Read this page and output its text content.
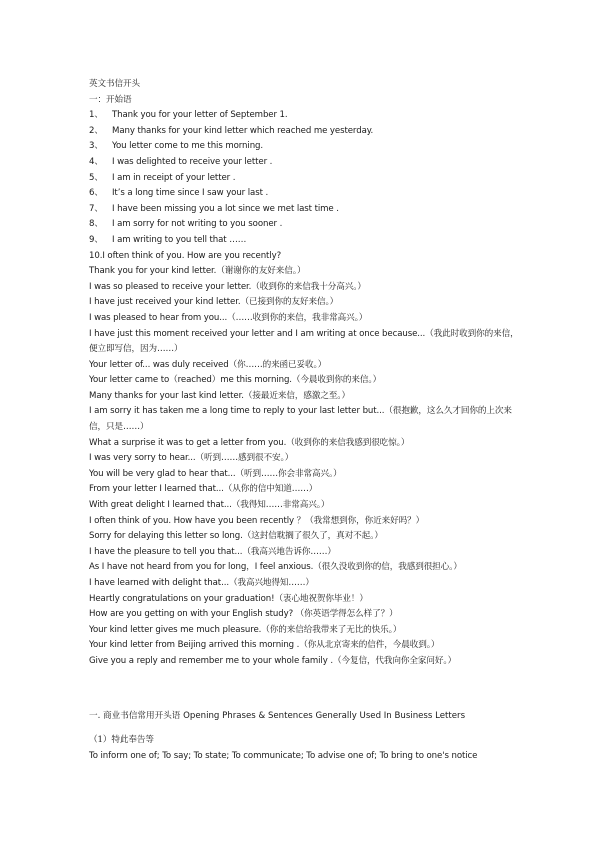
英文书信开头
一：开始语
1、 Thank you for your letter of September 1.
2、 Many thanks for your kind letter which reached me yesterday.
3、 You letter come to me this morning.
4、 I was delighted to receive your letter .
5、 I am in receipt of your letter .
6、 It’s a long time since I saw your last .
7、 I have been missing you a lot since we met last time .
8、 I am sorry for not writing to you sooner .
9、 I am writing to you tell that ……
10.I often think of you. How are you recently?
Thank you for your kind letter.（谢谢你的友好来信。）
I was so pleased to receive your letter.（收到你的来信我十分高兴。）
I have just received your kind letter.（已接到你的友好来信。）
I was pleased to hear from you...（……收到你的来信，我非常高兴。）
I have just this moment received your letter and I am writing at once because...（我此时收到你的来信，便立即写信，因为……）
Your letter of... was duly received（你……的来函已妥收。）
Your letter came to（reached）me this morning.（今晨收到你的来信。）
Many thanks for your last kind letter.（接最近来信，感激之至。）
I am sorry it has taken me a long time to reply to your last letter but...（很抱歉，这么久才回你的上次来信，只是……）
What a surprise it was to get a letter from you.（收到你的来信我感到很吃惊。）
I was very sorry to hear...（听到……感到很不安。）
You will be very glad to hear that...（听到……你会非常高兴。）
From your letter I learned that...（从你的信中知道……）
With great delight I learned that...（我得知……非常高兴。）
I often think of you. How have you been recently ？（我常想到你，你近来好吗？）
Sorry for delaying this letter so long.（这封信耽搁了很久了，真对不起。）
I have the pleasure to tell you that...（我高兴地告诉你……）
As I have not heard from you for long，I feel anxious.（很久没收到你的信，我感到很担心。）
I have learned with delight that...（我高兴地得知……）
Heartly congratulations on your graduation!（衷心地祝贺你毕业！）
How are you getting on with your English study? （你英语学得怎么样了？）
Your kind letter gives me much pleasure.（你的来信给我带来了无比的快乐。）
Your kind letter from Beijing arrived this morning .（你从北京寄来的信件，今晨收到。）
Give you a reply and remember me to your whole family .（今复信，代我向你全家问好。）
一. 商业书信常用开头语 Opening Phrases & Sentences Generally Used In Business Letters
（1）特此奉告等
To inform one of; To say; To state; To communicate; To advise one of; To bring to one's notice
